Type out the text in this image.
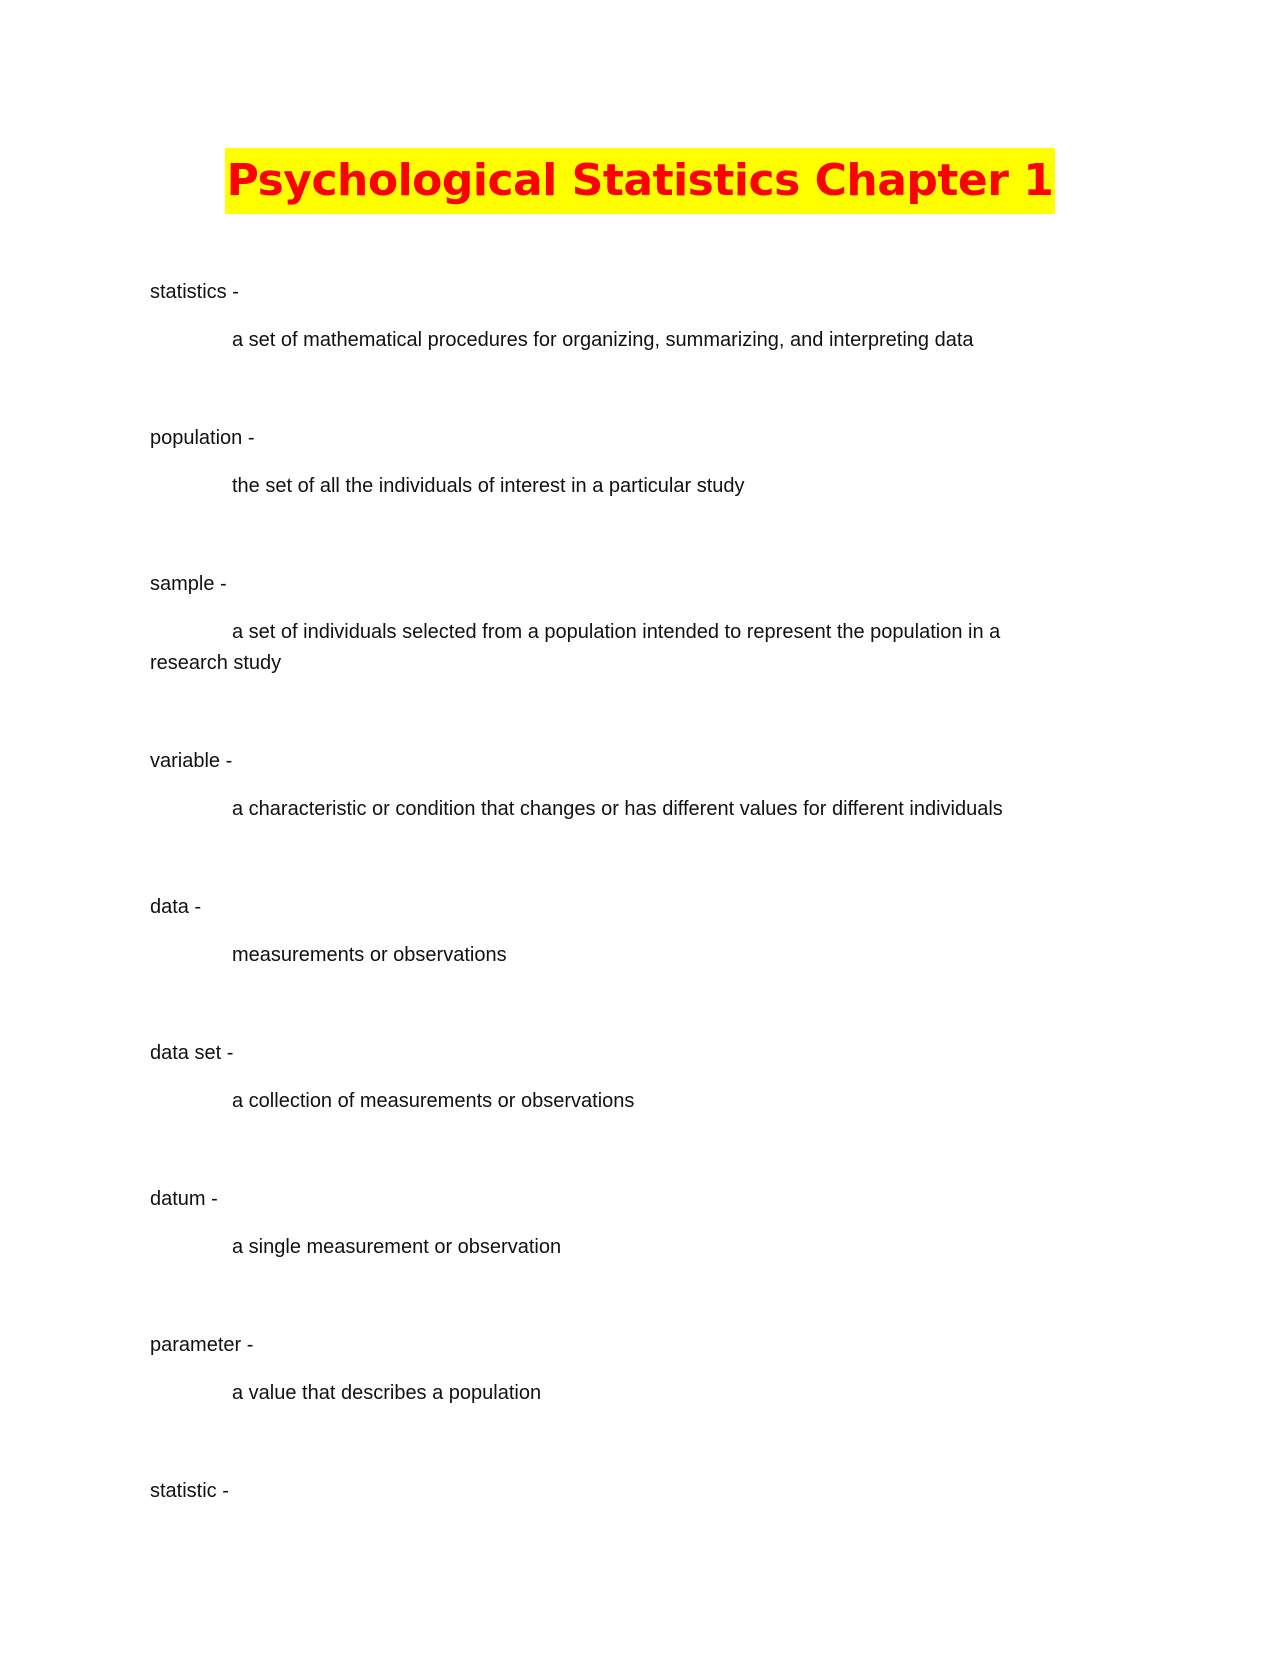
Psychological Statistics Chapter 1

statistics -

a set of mathematical procedures for organizing, summarizing, and interpreting data

population -

the set of all the individuals of interest in a particular study

sample -

a set of individuals selected from a population intended to represent the population in a research study

variable -

a characteristic or condition that changes or has different values for different individuals

data -

measurements or observations

data set -

a collection of measurements or observations

datum -

a single measurement or observation

parameter -

a value that describes a population

statistic -
